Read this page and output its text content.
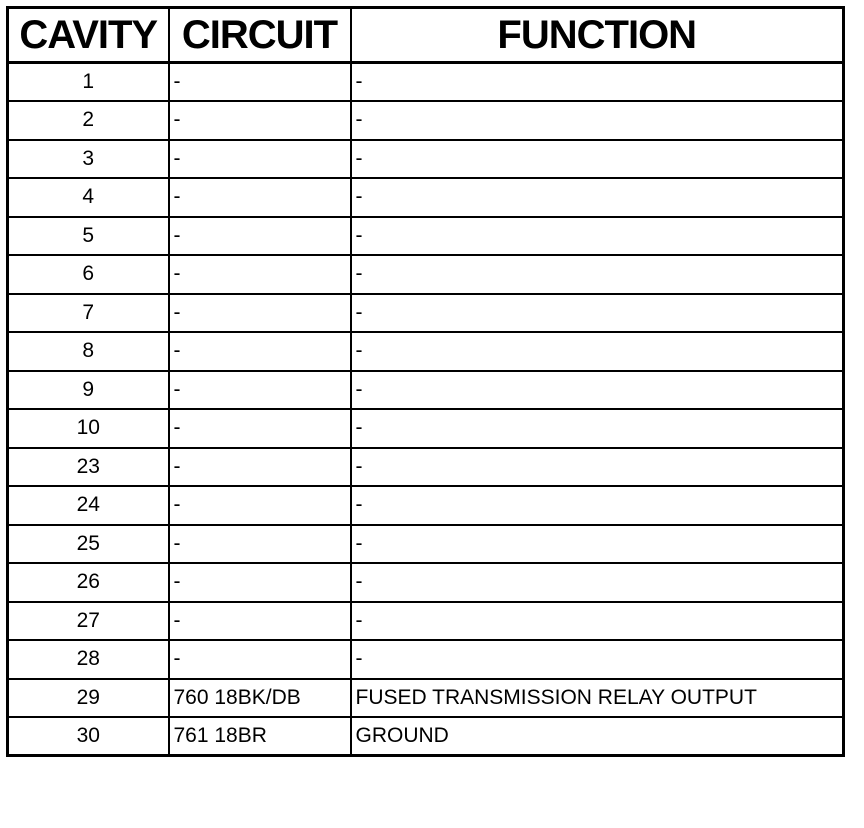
CAVITY	CIRCUIT	FUNCTION
1	-	-
2	-	-
3	-	-
4	-	-
5	-	-
6	-	-
7	-	-
8	-	-
9	-	-
10	-	-
23	-	-
24	-	-
25	-	-
26	-	-
27	-	-
28	-	-
29	760 18BK/DB	FUSED TRANSMISSION RELAY OUTPUT
30	761 18BR	GROUND
